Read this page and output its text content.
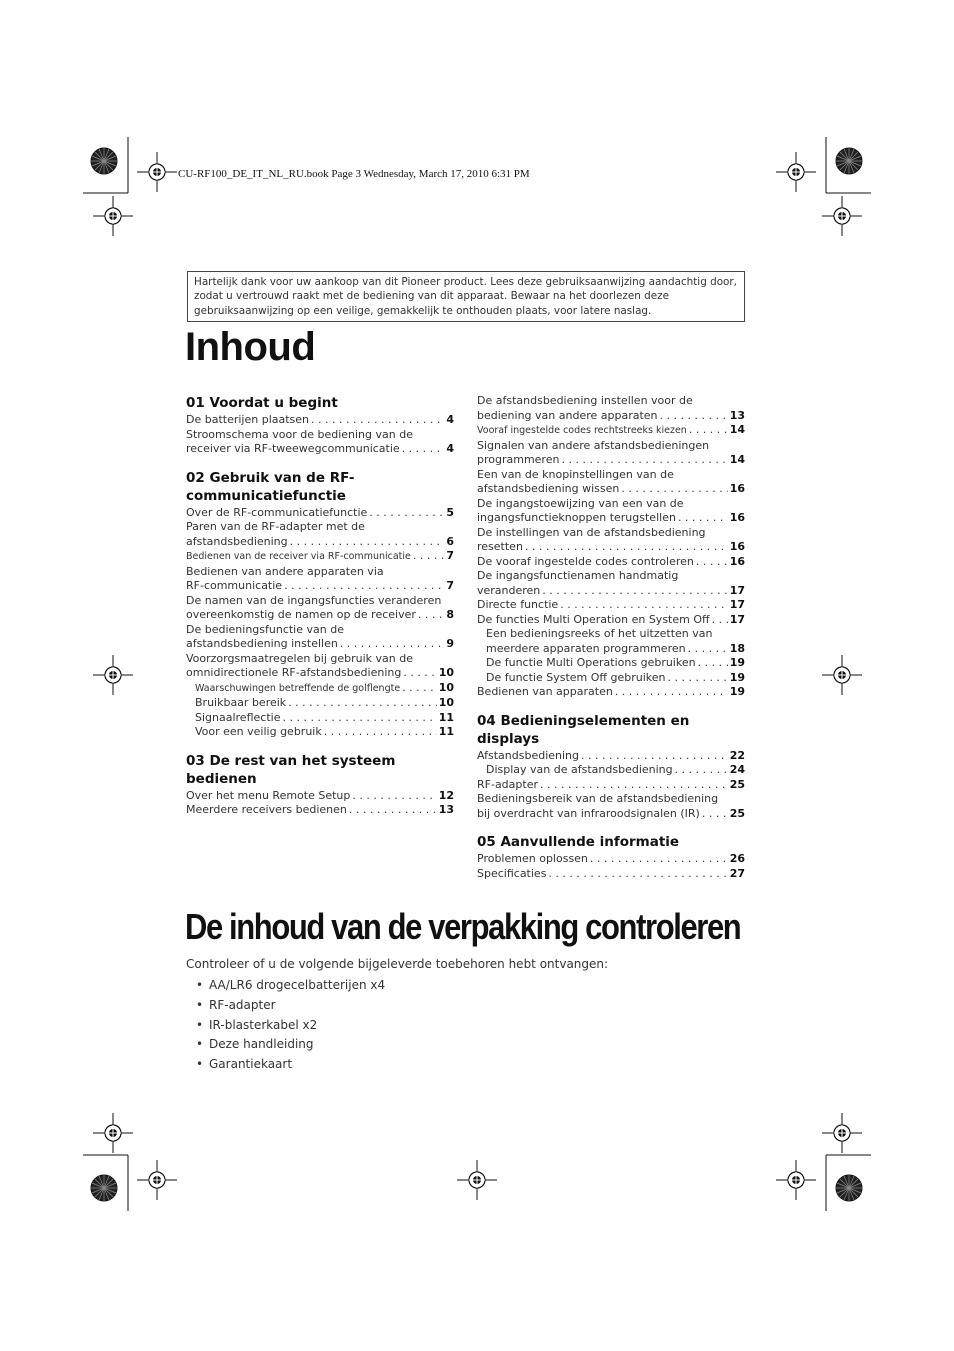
CU-RF100_DE_IT_NL_RU.book Page 3 Wednesday, March 17, 2010 6:31 PM
Hartelijk dank voor uw aankoop van dit Pioneer product. Lees deze gebruiksaanwijzing aandachtig door, zodat u vertrouwd raakt met de bediening van dit apparaat. Bewaar na het doorlezen deze gebruiksaanwijzing op een veilige, gemakkelijk te onthouden plaats, voor latere naslag.
Inhoud
01 Voordat u begint
De batterijen plaatsen . . .	4
Stroomschema voor de bediening van de
receiver via RF-tweewegcommunicatie . . .	4
02 Gebruik van de RF-communicatiefunctie
Over de RF-communicatiefunctie . . .	5
Paren van de RF-adapter met de
afstandsbediening . . .	6
Bedienen van de receiver via RF-communicatie . . .	7
Bedienen van andere apparaten via
RF-communicatie . . .	7
De namen van de ingangsfuncties veranderen
overeenkomstig de namen op de receiver . . .	8
De bedieningsfunctie van de
afstandsbediening instellen . . .	9
Voorzorgsmaatregelen bij gebruik van de
omnidirectionele RF-afstandsbediening . . .	10
Waarschuwingen betreffende de golflengte . . .	10
Bruikbaar bereik . . .	10
Signaalreflectie . . .	11
Voor een veilig gebruik . . .	11
03 De rest van het systeem bedienen
Over het menu Remote Setup . . .	12
Meerdere receivers bedienen . . .	13
De afstandsbediening instellen voor de
bediening van andere apparaten . . .	13
Vooraf ingestelde codes rechtstreeks kiezen . . .	14
Signalen van andere afstandsbedieningen
programmeren . . .	14
Een van de knopinstellingen van de
afstandsbediening wissen . . .	16
De ingangstoewijzing van een van de
ingangsfunctieknoppen terugstellen . . .	16
De instellingen van de afstandsbediening
resetten . . .	16
De vooraf ingestelde codes controleren . . .	16
De ingangsfunctienamen handmatig
veranderen . . .	17
Directe functie . . .	17
De functies Multi Operation en System Off . . . 17
Een bedieningsreeks of het uitzetten van
meerdere apparaten programmeren . . .	18
De functie Multi Operations gebruiken . . .	19
De functie System Off gebruiken . . .	19
Bedienen van apparaten . . .	19
04 Bedieningselementen en displays
Afstandsbediening . . .	22
Display van de afstandsbediening . . .	24
RF-adapter . . .	25
Bedieningsbereik van de afstandsbediening
bij overdracht van infraroodsignalen (IR) . . .	25
05 Aanvullende informatie
Problemen oplossen . . .	26
Specificaties . . .	27
De inhoud van de verpakking controleren
Controleer of u de volgende bijgeleverde toebehoren hebt ontvangen:
• AA/LR6 drogecelbatterijen x4
• RF-adapter
• IR-blasterkabel x2
• Deze handleiding
• Garantiekaart
